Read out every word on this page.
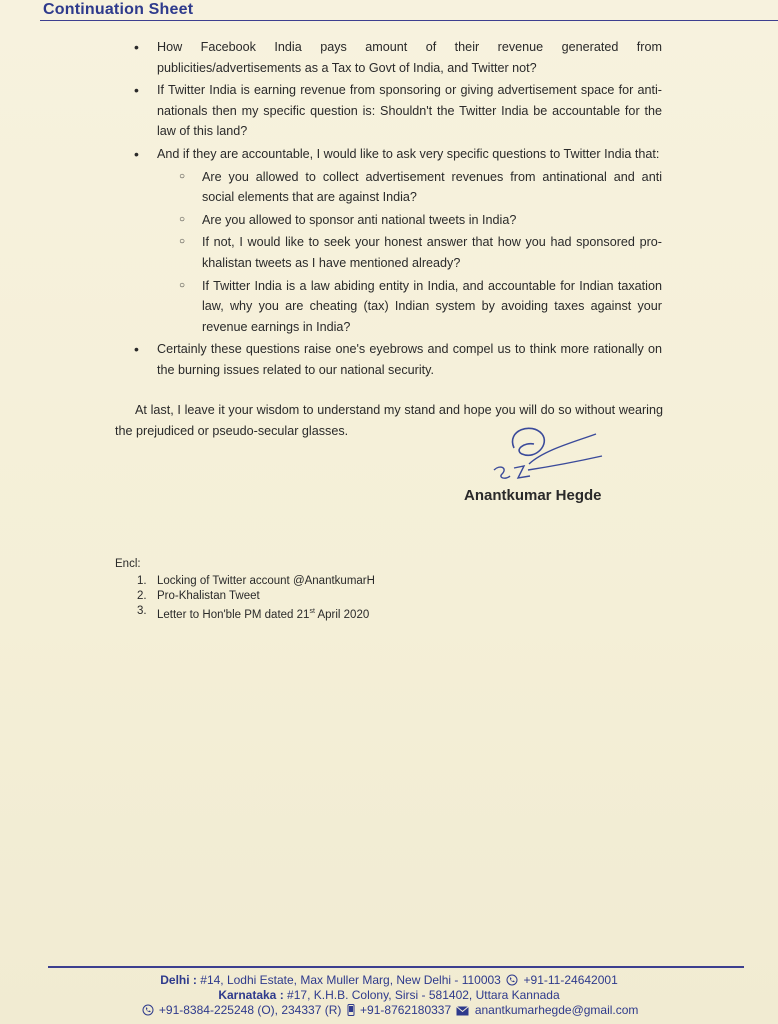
Continuation Sheet
• How Facebook India pays amount of their revenue generated from publicities/advertisements as a Tax to Govt of India, and Twitter not?
• If Twitter India is earning revenue from sponsoring or giving advertisement space for anti-nationals then my specific question is: Shouldn't the Twitter India be accountable for the law of this land?
• And if they are accountable, I would like to ask very specific questions to Twitter India that:
○ Are you allowed to collect advertisement revenues from antinational and anti social elements that are against India?
○ Are you allowed to sponsor anti national tweets in India?
○ If not, I would like to seek your honest answer that how you had sponsored pro-khalistan tweets as I have mentioned already?
○ If Twitter India is a law abiding entity in India, and accountable for Indian taxation law, why you are cheating (tax) Indian system by avoiding taxes against your revenue earnings in India?
• Certainly these questions raise one's eyebrows and compel us to think more rationally on the burning issues related to our national security.

At last, I leave it your wisdom to understand my stand and hope you will do so without wearing the prejudiced or pseudo-secular glasses.

Anantkumar Hegde
Encl:
1. Locking of Twitter account @AnantkumarH
2. Pro-Khalistan Tweet
3. Letter to Hon'ble PM dated 21st April 2020
Delhi : #14, Lodhi Estate, Max Muller Marg, New Delhi - 110003 +91-11-24642001
Karnataka : #17, K.H.B. Colony, Sirsi - 581402, Uttara Kannada
+91-8384-225248 (O), 234337 (R) +91-8762180337 anantkumarhegde@gmail.com
